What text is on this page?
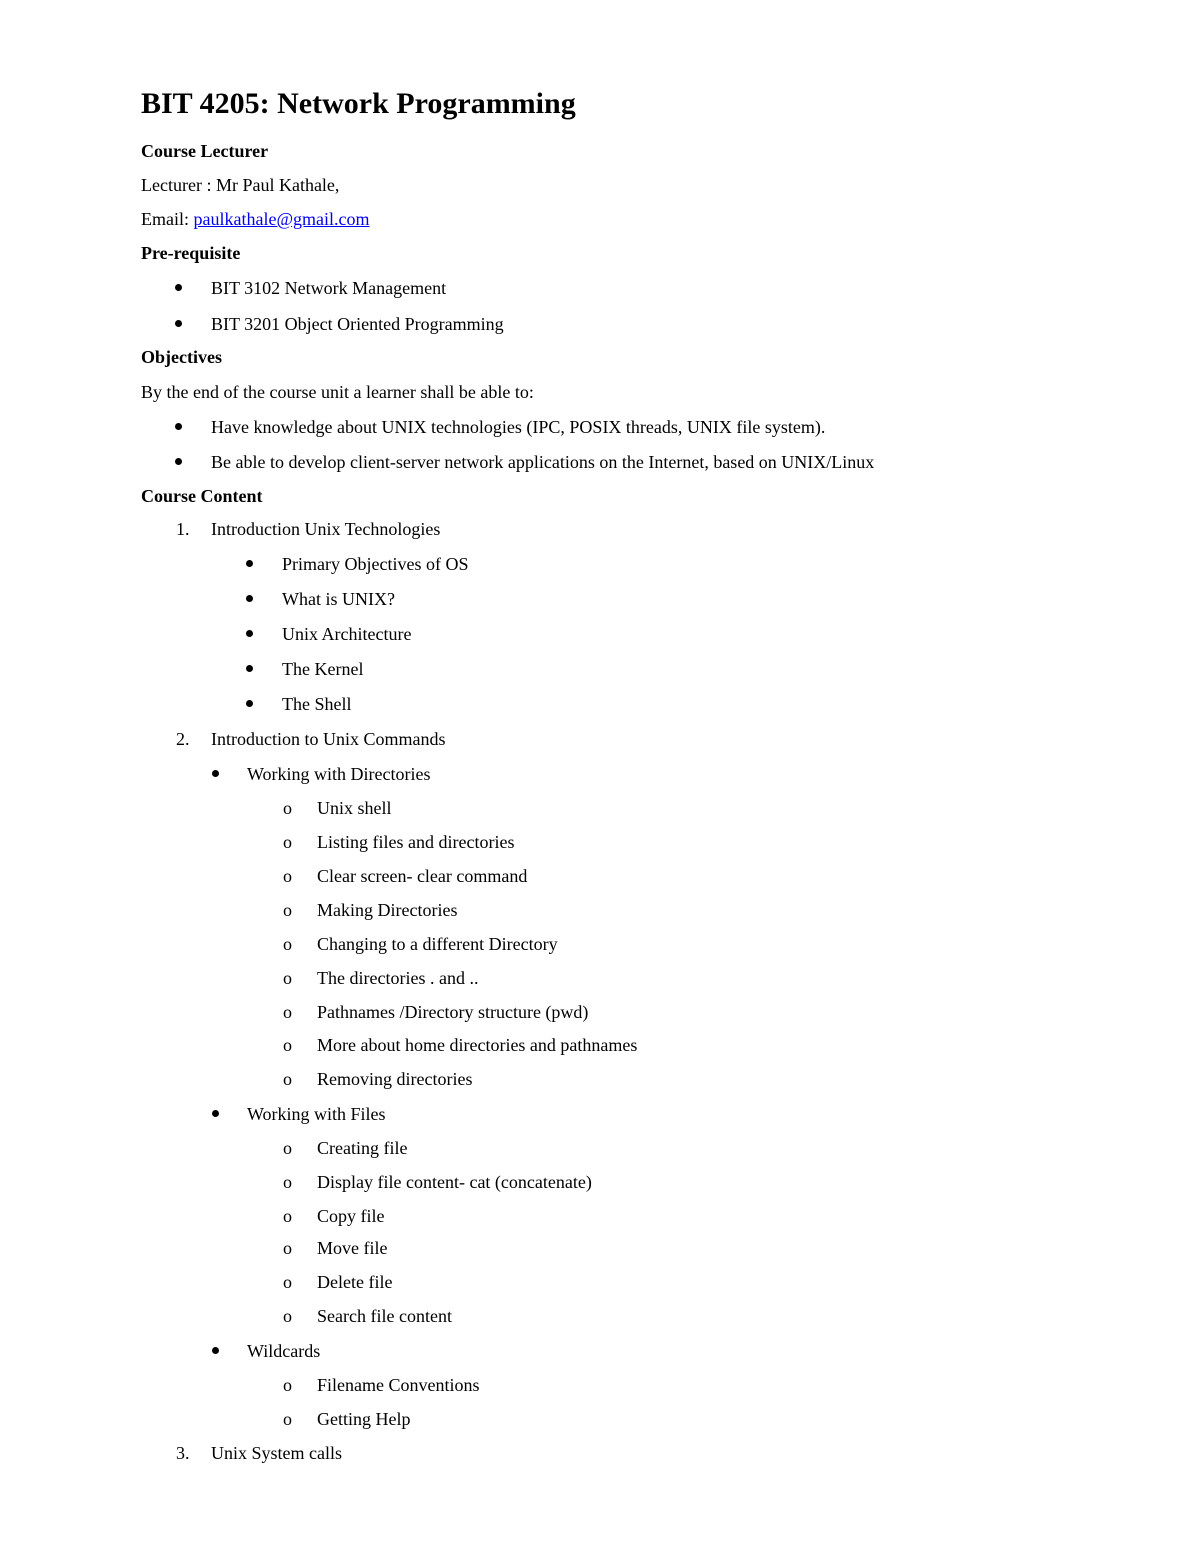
BIT 4205: Network Programming
Course Lecturer
Lecturer : Mr Paul Kathale,
Email: paulkathale@gmail.com
Pre-requisite
BIT 3102 Network Management
BIT 3201 Object Oriented Programming
Objectives
By the end of the course unit a learner shall be able to:
Have knowledge about UNIX technologies (IPC, POSIX threads, UNIX file system).
Be able to develop client-server network applications on the Internet, based on UNIX/Linux
Course Content
1. Introduction Unix Technologies
Primary Objectives of OS
What is UNIX?
Unix Architecture
The Kernel
The Shell
2. Introduction to Unix Commands
Working with Directories
o Unix shell
o Listing files and directories
o Clear screen- clear command
o Making Directories
o Changing to a different Directory
o The directories . and ..
o Pathnames /Directory structure (pwd)
o More about home directories and pathnames
o Removing directories
Working with Files
o Creating file
o Display file content- cat (concatenate)
o Copy file
o Move file
o Delete file
o Search file content
Wildcards
o Filename Conventions
o Getting Help
3. Unix System calls
